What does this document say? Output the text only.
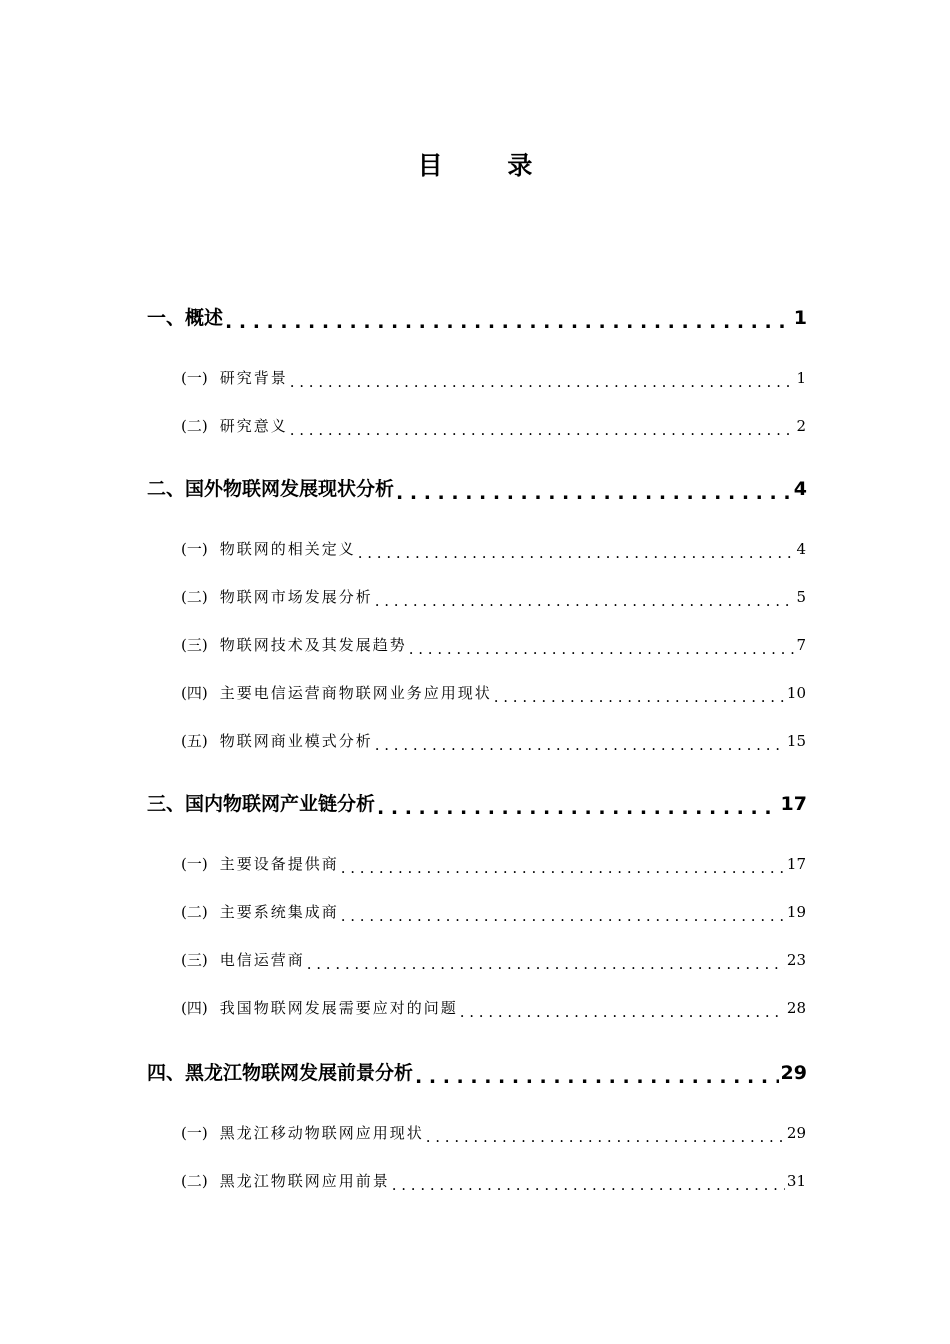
目 录
一、 概述 . . .	1
(一) 研究背景 . . .	1
(二) 研究意义 . . .	2
二、 国外物联网发展现状分析 . . .	4
(一) 物联网的相关定义 . . .	4
(二) 物联网市场发展分析 . . .	5
(三) 物联网技术及其发展趋势 . . .	7
(四) 主要电信运营商物联网业务应用现状 . . .	10
(五) 物联网商业模式分析 . . .	15
三、 国内物联网产业链分析 . . .	17
(一) 主要设备提供商 . . .	17
(二) 主要系统集成商 . . .	19
(三) 电信运营商 . . .	23
(四) 我国物联网发展需要应对的问题 . . .	28
四、 黑龙江物联网发展前景分析 . . .	29
(一) 黑龙江移动物联网应用现状 . . .	29
(二) 黑龙江物联网应用前景 . . .	31
